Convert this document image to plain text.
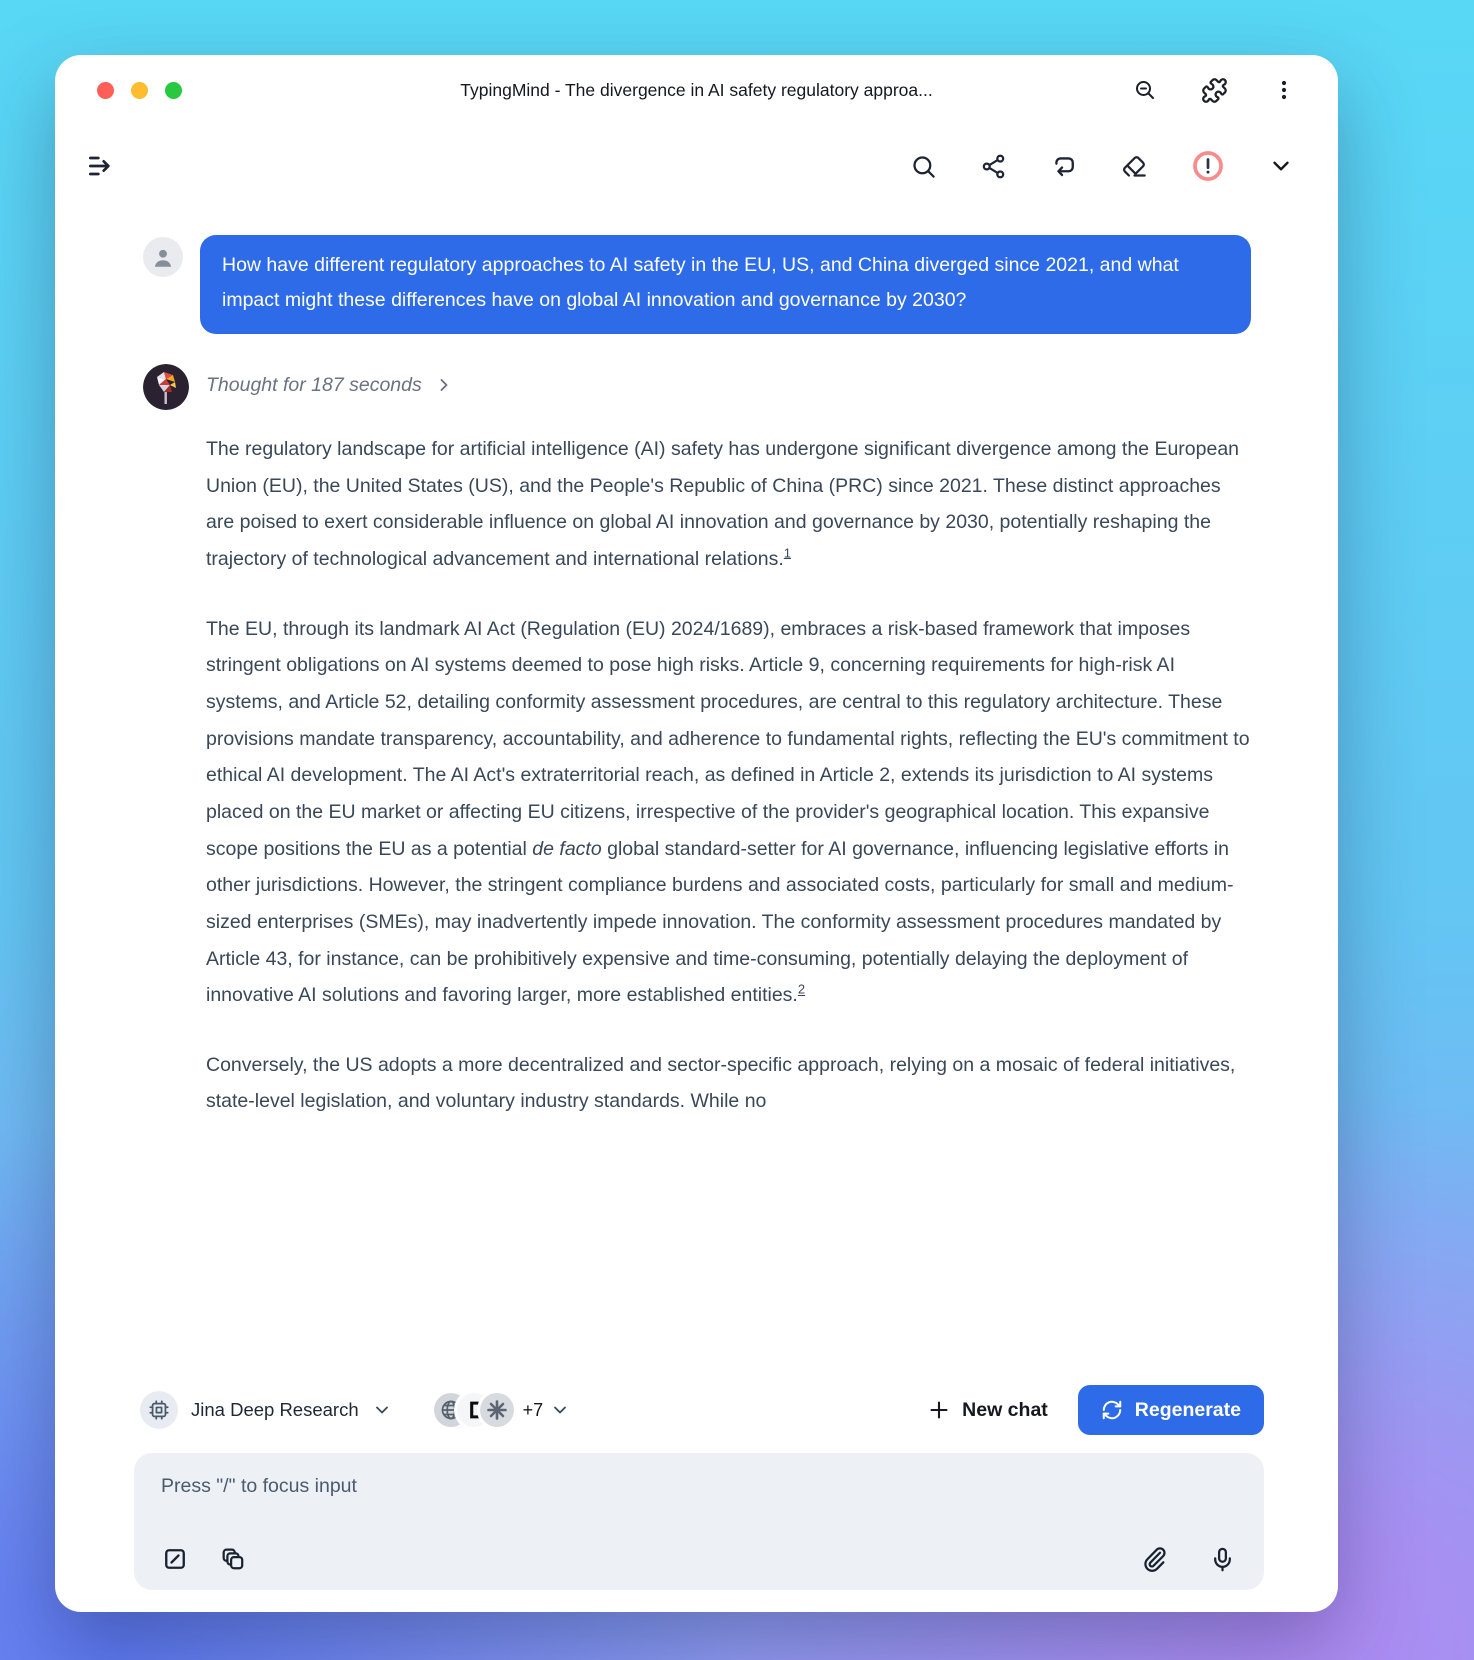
TypingMind - The divergence in AI safety regulatory approa...
How have different regulatory approaches to AI safety in the EU, US, and China diverged since 2021, and what impact might these differences have on global AI innovation and governance by 2030?
Thought for 187 seconds

The regulatory landscape for artificial intelligence (AI) safety has undergone significant divergence among the European Union (EU), the United States (US), and the People's Republic of China (PRC) since 2021. These distinct approaches are poised to exert considerable influence on global AI innovation and governance by 2030, potentially reshaping the trajectory of technological advancement and international relations.$^1$

The EU, through its landmark AI Act (Regulation (EU) 2024/1689), embraces a risk-based framework that imposes stringent obligations on AI systems deemed to pose high risks. Article 9, concerning requirements for high-risk AI systems, and Article 52, detailing conformity assessment procedures, are central to this regulatory architecture. These provisions mandate transparency, accountability, and adherence to fundamental rights, reflecting the EU's commitment to ethical AI development. The AI Act's extraterritorial reach, as defined in Article 2, extends its jurisdiction to AI systems placed on the EU market or affecting EU citizens, irrespective of the provider's geographical location. This expansive scope positions the EU as a potential de facto global standard-setter for AI governance, influencing legislative efforts in other jurisdictions. However, the stringent compliance burdens and associated costs, particularly for small and medium-sized enterprises (SMEs), may inadvertently impede innovation. The conformity assessment procedures mandated by Article 43, for instance, can be prohibitively expensive and time-consuming, potentially delaying the deployment of innovative AI solutions and favoring larger, more established entities.$^2$

Conversely, the US adopts a more decentralized and sector-specific approach, relying on a mosaic of federal initiatives, state-level legislation, and voluntary industry standards. While no

Jina Deep Research	+7	New chat	Regenerate
Press "/" to focus input
